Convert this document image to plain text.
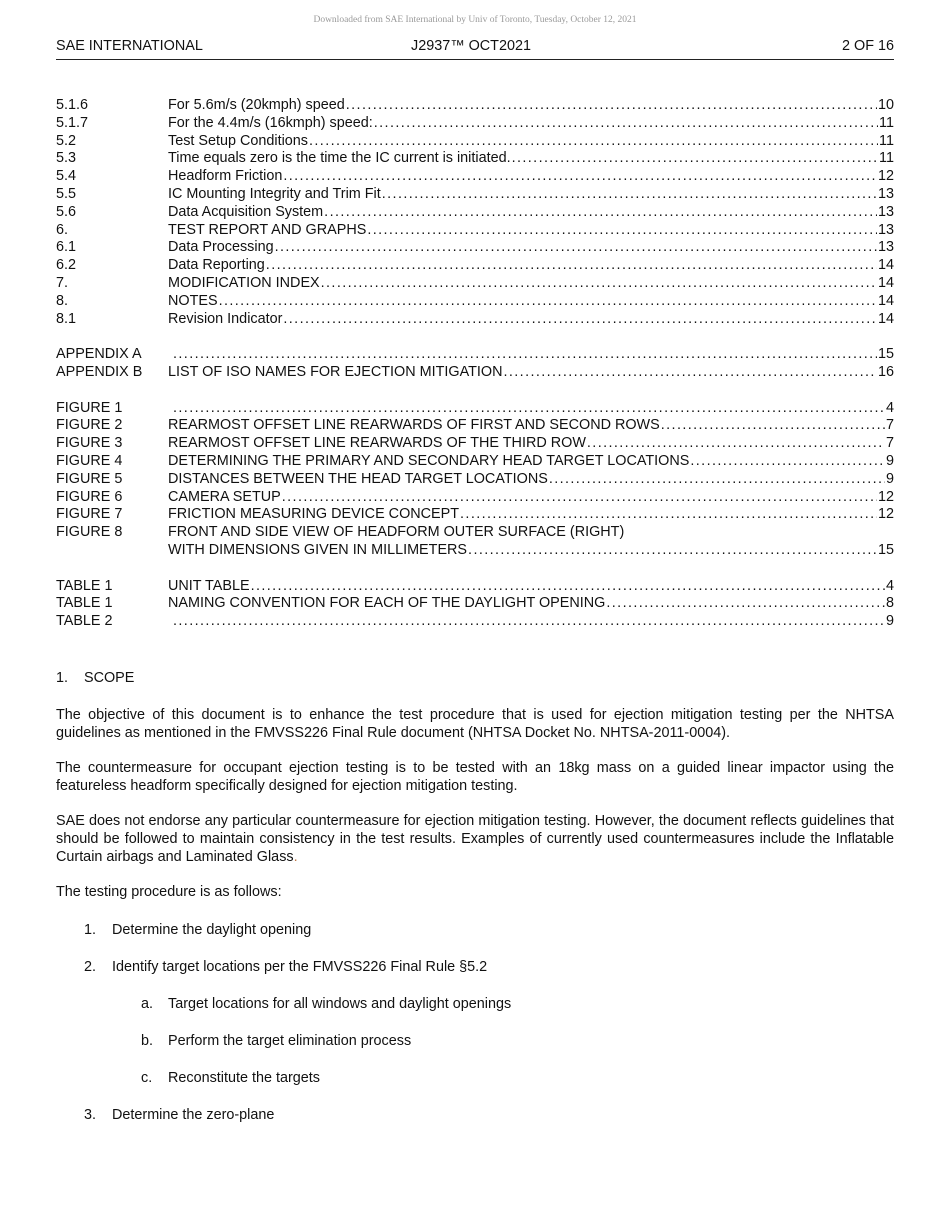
Downloaded from SAE International by Univ of Toronto, Tuesday, October 12, 2021
SAE INTERNATIONAL	J2937™ OCT2021	2 OF 16
5.1.6	For 5.6m/s (20kmph) speed . . .	10
5.1.7	For the 4.4m/s (16kmph) speed: . . .	11
5.2	Test Setup Conditions . . .	11
5.3	Time equals zero is the time the IC current is initiated. . . .	11
5.4	Headform Friction . . .	12
5.5	IC Mounting Integrity and Trim Fit . . .	13
5.6	Data Acquisition System . . .	13
6.	TEST REPORT AND GRAPHS . . .	13
6.1	Data Processing . . .	13
6.2	Data Reporting . . .	14
7.	MODIFICATION INDEX . . .	14
8.	NOTES . . .	14
8.1	Revision Indicator . . .	14
APPENDIX A . . .	15
APPENDIX B	LIST OF ISO NAMES FOR EJECTION MITIGATION . . .	16
FIGURE 1 . . .	4
FIGURE 2	REARMOST OFFSET LINE REARWARDS OF FIRST AND SECOND ROWS . . .	7
FIGURE 3	REARMOST OFFSET LINE REARWARDS OF THE THIRD ROW . . .	7
FIGURE 4	DETERMINING THE PRIMARY AND SECONDARY HEAD TARGET LOCATIONS . . .	9
FIGURE 5	DISTANCES BETWEEN THE HEAD TARGET LOCATIONS . . .	9
FIGURE 6	CAMERA SETUP . . .	12
FIGURE 7	FRICTION MEASURING DEVICE CONCEPT . . .	12
FIGURE 8	FRONT AND SIDE VIEW OF HEADFORM OUTER SURFACE (RIGHT)
WITH DIMENSIONS GIVEN IN MILLIMETERS . . .	15
TABLE 1	UNIT TABLE . . .	4
TABLE 1	NAMING CONVENTION FOR EACH OF THE DAYLIGHT OPENING . . .	8
TABLE 2 . . .	9
1. SCOPE

The objective of this document is to enhance the test procedure that is used for ejection mitigation testing per the NHTSA guidelines as mentioned in the FMVSS226 Final Rule document (NHTSA Docket No. NHTSA-2011-0004).

The countermeasure for occupant ejection testing is to be tested with an 18kg mass on a guided linear impactor using the featureless headform specifically designed for ejection mitigation testing.

SAE does not endorse any particular countermeasure for ejection mitigation testing. However, the document reflects guidelines that should be followed to maintain consistency in the test results. Examples of currently used countermeasures include the Inflatable Curtain airbags and Laminated Glass.

The testing procedure is as follows:

1. Determine the daylight opening
2. Identify target locations per the FMVSS226 Final Rule §5.2
a. Target locations for all windows and daylight openings
b. Perform the target elimination process
c. Reconstitute the targets
3. Determine the zero-plane
